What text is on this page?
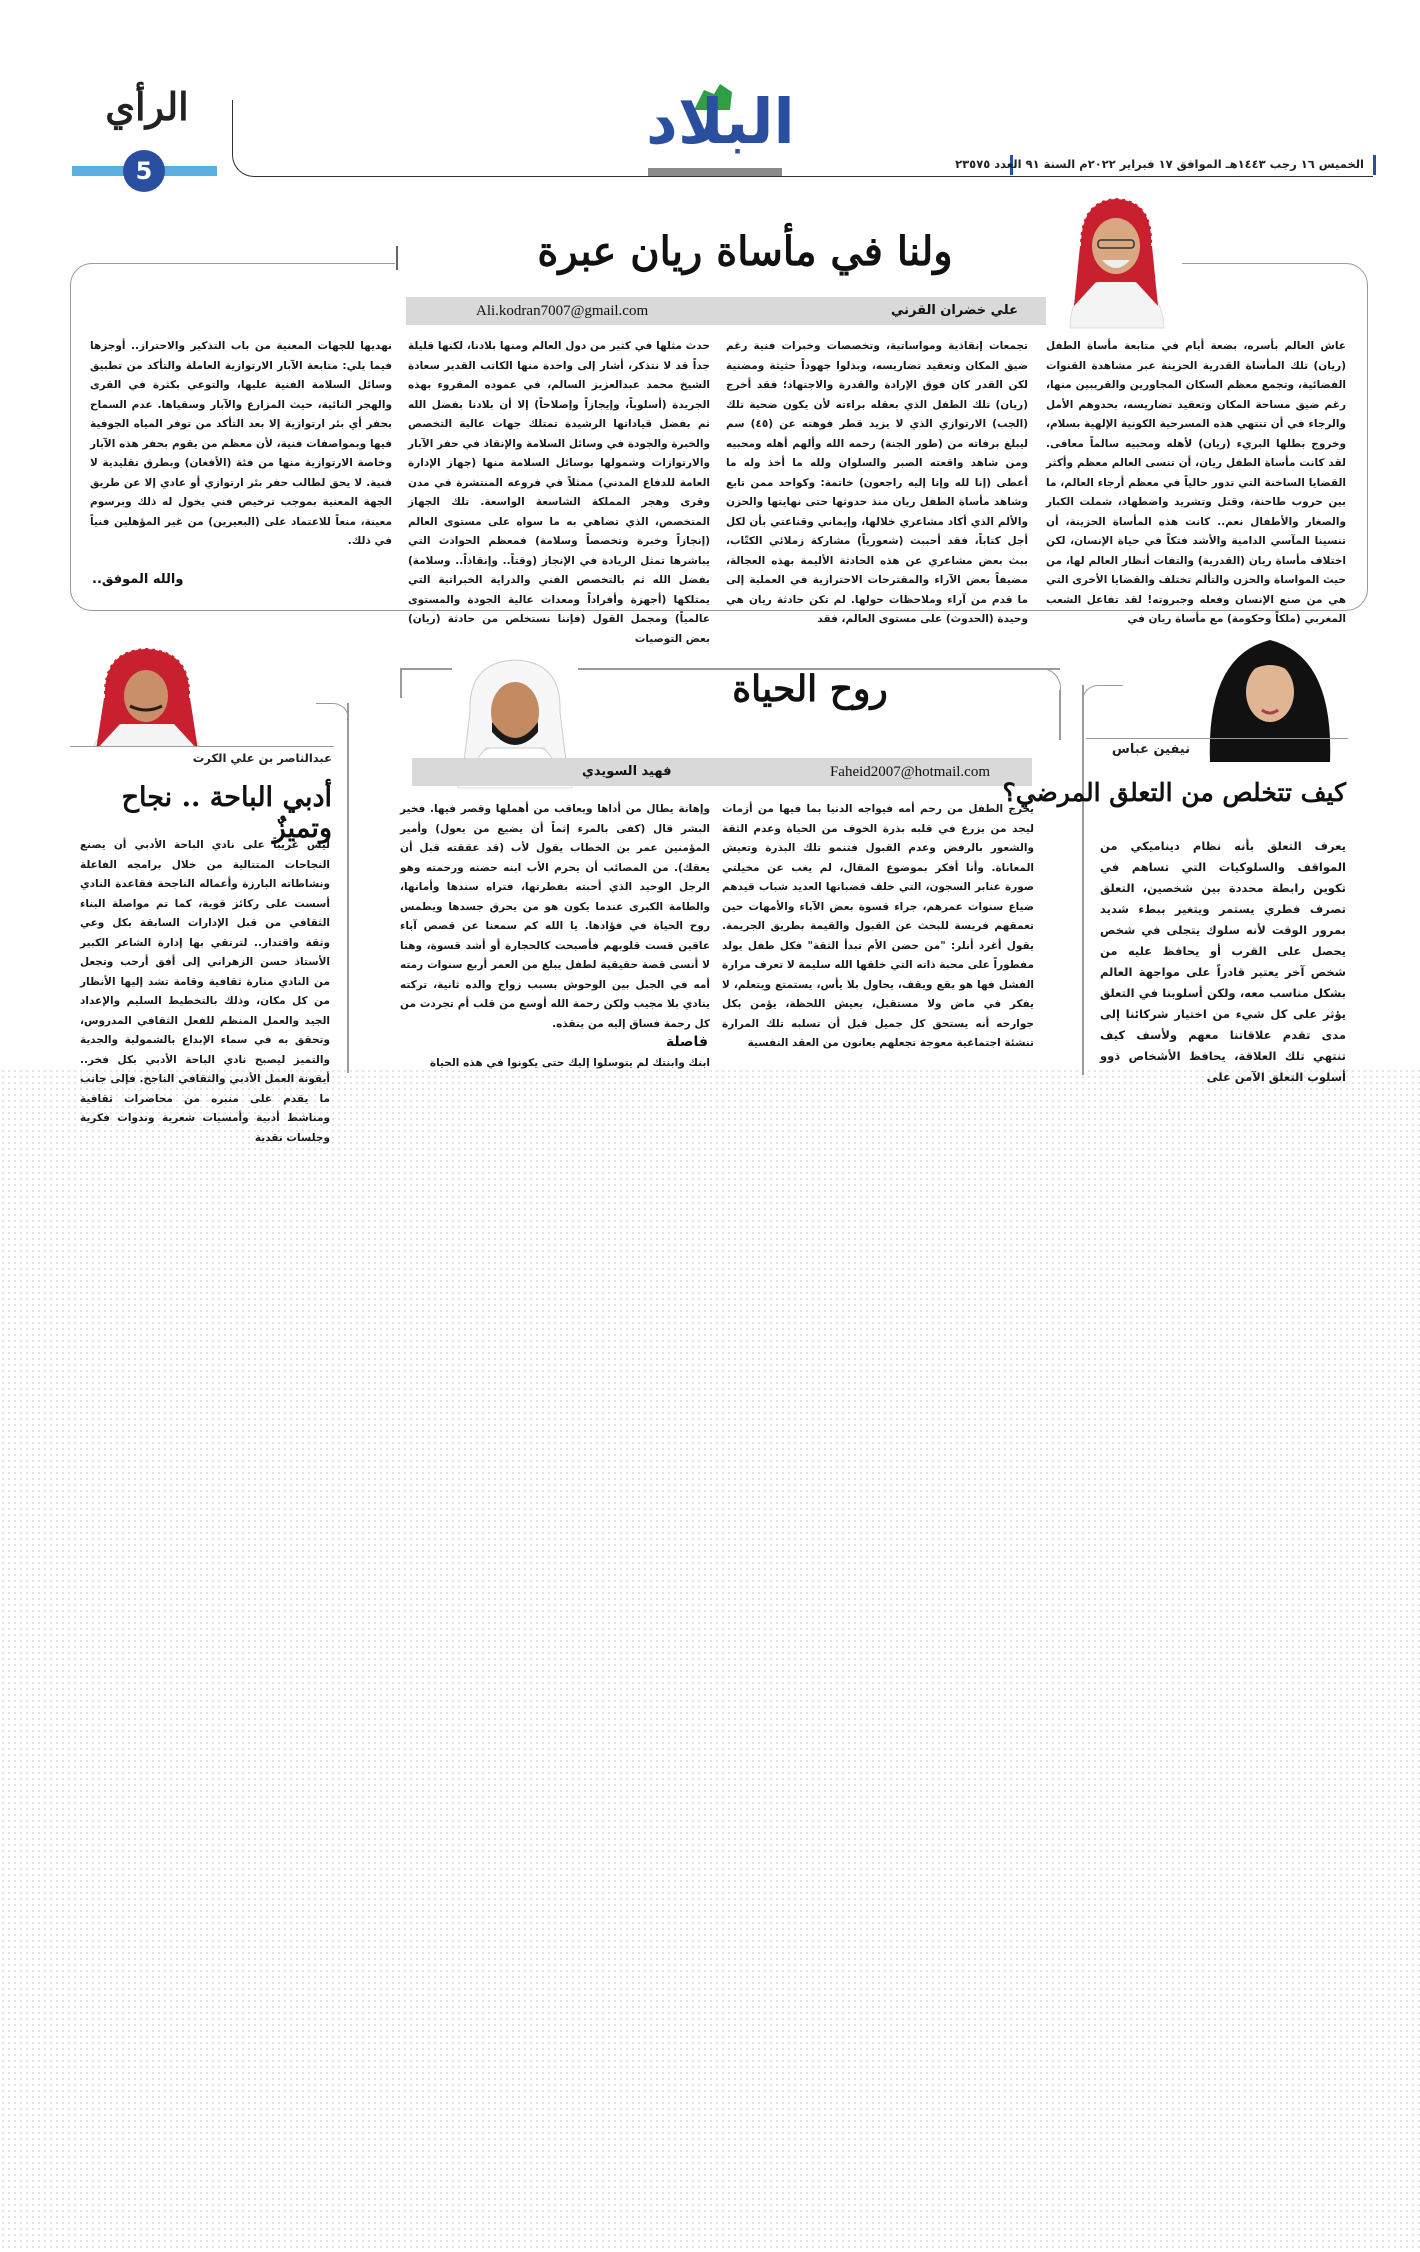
الرأي
5
البلاد
الخميس ١٦ رجب ١٤٤٣هـ الموافق ١٧ فبراير ٢٠٢٢م السنة ٩١ العدد ٢٣٥٧٥
ولنا في مأساة ريان عبرة
علي خضران القرني
Ali.kodran7007@gmail.com

عاش العالم بأسره، بضعة أيام في متابعة مأساة الطفل (ريان) تلك المأساة القدرية الحزينة عبر مشاهدة القنوات الفضائية، وتجمع معظم السكان المجاورين والقريبين منها، رغم ضيق مساحة المكان وتعقيد تضاريسه، بحدوهم الأمل والرجاء في أن تنتهي هذه المسرحية الكونية الإلهية بسلام، وخروج بطلها البريء (ريان) لأهله ومحبيه سالماً معافى. لقد كانت مأساة الطفل ريان، أن تنسى العالم معظم وأكثر القضايا الساخنة التي تدور حالياً في معظم أرجاء العالم، ما بين حروب طاحنة، وقتل وتشريد واضطهاد، شملت الكبار والصغار والأطفال نعم.. كانت هذه المأساة الحزينة، أن تنسينا المآسي الدامية والأشد فتكاً في حياة الإنسان، لكن اختلاف مأساة ريان (القدرية) والتفات أنظار العالم لها، من حيث المواساة والحزن والتألم تختلف والقضايا الأخرى التي هي من صنع الإنسان وفعله وجبروته! لقد تفاعل الشعب المغربي (ملكاً وحكومة) مع مأساة ريان في

تجمعات إنقاذية ومواساتية، وتخصصات وخبرات فنية رغم ضيق المكان وتعقيد تضاريسه، وبذلوا جهوداً حثيثة ومضنية لكن القدر كان فوق الإرادة والقدرة والاجتهاد؛ فقد أخرج (ريان) تلك الطفل الذي بعقله براءته لأن يكون ضحية تلك (الجب) الارتوازي الذي لا يزيد قطر فوهته عن (٤٥) سم ليبلغ برفاته من (طور الجنة) رحمه الله وألهم أهله ومحبيه ومن شاهد واقعته الصبر والسلوان ولله ما أخذ وله ما أعطى (إنا لله وإنا إليه راجعون) خاتمة: وكواحد ممن تابع وشاهد مأساة الطفل ريان منذ حدوثها حتى نهايتها والحزن والألم الذي أكاد مشاعري خلالها، وإيماني وقناعتي بأن لكل أجل كتاباً، فقد أحببت (شعورياً) مشاركة زملائي الكتّاب، ببث بعض مشاعري عن هذه الحادثة الأليمة بهذه العجالة، مضيفاً بعض الآراء والمقترحات الاحترازية في العملية إلى ما قدم من آراء وملاحظات حولها. لم تكن حادثة ريان هي وحيدة (الحدوث) على مستوى العالم، فقد

حدث مثلها في كثير من دول العالم ومنها بلادنا، لكنها قليلة جداً قد لا نتذكر، أشار إلى واحدة منها الكاتب القدير سعادة الشيخ محمد عبدالعزيز السالم، في عموده المقروء بهذه الجريدة (أسلوباً، وإيجازاً وإصلاحاً) إلا أن بلادنا بفضل الله ثم بفضل قياداتها الرشيدة تمتلك جهات عالية التخصص والخبرة والجودة في وسائل السلامة والإنقاذ في حفر الآبار والارتوازات وشمولها بوسائل السلامة منها (جهاز الإدارة العامة للدفاع المدني) ممثلاً في فروعه المنتشرة في مدن وقرى وهجر المملكة الشاسعة الواسعة. تلك الجهاز المتخصص، الذي تضاهي به ما سواه على مستوى العالم (إنجازاً وخبرة وتخصصاً وسلامة) فمعظم الحوادث التي يباشرها تمثل الريادة في الإنجاز (وقتاً.. وإنقاذاً.. وسلامة) بفضل الله ثم بالتخصص الفني والدراية الخبراتية التي يمتلكها (أجهزة وأفراداً ومعدات عالية الجودة والمستوى عالمياً) ومجمل القول (فإننا نستخلص من حادثة (ريان) بعض التوصيات

نهديها للجهات المعنية من باب التذكير والاحتراز.. أوجزها فيما يلي: متابعة الآبار الارتوازية العاملة والتأكد من تطبيق وسائل السلامة الفنية عليها، والتوعي بكثرة في القرى والهجر النائية، حيث المزارع والآبار وسقياها. عدم السماح بحفر أي بئر ارتوازية إلا بعد التأكد من توفر المياه الجوفية فيها وبمواصفات فنية، لأن معظم من يقوم بحفر هذه الآبار وخاصة الارتوازية منها من فئة (الأفغان) وبطرق تقليدية لا فنية. لا يحق لطالب حفر بئر ارتوازي أو عادي إلا عن طريق الجهة المعنية بموجب ترخيص فني يخول له ذلك وبرسوم معينة، منعاً للاعتماد على (البعيرين) من غير المؤهلين فنياً في ذلك.

والله الموفق..
عبدالناصر بن علي الكرت
أدبي الباحة .. نجاح وتميزٌ

ليس غريباً على نادي الباحة الأدبي أن يصنع النجاحات المتتالية من خلال برامجه الفاعلة ونشاطاته البارزة وأعماله الناجحة فقاعدة النادي أسست على ركائز قوية، كما تم مواصلة البناء الثقافي من قبل الإدارات السابقة بكل وعي وثقة واقتدار.. لترتقي بها إدارة الشاعر الكبير الأستاذ حسن الزهراني إلى أفق أرحب وتجعل من النادي منارة ثقافية وقامة تشد إليها الأنظار من كل مكان، وذلك بالتخطيط السليم والإعداد الجيد والعمل المنظم للفعل الثقافي المدروس، وتحقق به في سماء الإبداع بالشمولية والجدية والتميز ليصبح نادي الباحة الأدبي بكل فخر.. أيقونة العمل الأدبي والثقافي الناجح. فإلى جانب ما يقدم على منبره من محاضرات ثقافية ومناشط أدبية وأمسيات شعرية وندوات فكرية وجلسات نقدية

روح الحياة
Faheid2007@hotmail.com
فهيد السويدي

يخرج الطفل من رحم أمه فيواجه الدنيا بما فيها من أزمات ليجد من يزرع في قلبه بذرة الخوف من الحياة وعدم الثقة والشعور بالرفض وعدم القبول فتنمو تلك البذرة وتعيش المعاناة. وأنا أفكر بموضوع المقال، لم يغب عن مخيلتي صورة عنابر السجون، التي خلف قضبانها العديد شباب قيدهم ضياع سنوات عمرهم، جراء قسوة بعض الآباء والأمهات حين تعمقهم فريسة للبحث عن القبول والقيمة بطريق الجريمة. يقول أغرد أنلر: "من حضن الأم تبدأ الثقة" فكل طفل يولد مفطوراً على محبة ذاته التي خلقها الله سليمة لا تعرف مرارة الفشل فها هو يقع ويقف، يحاول بلا يأس، يستمتع ويتعلم، لا يفكر في ماض ولا مستقبل، يعيش اللحظة، يؤمن بكل جوارحه أنه يستحق كل جميل قبل أن تسلبه تلك المرارة تنشئة اجتماعية معوجة تجعلهم يعانون من العقد النفسية

وإهانة يطال من أداها ويعاقب من أهملها وقصر فيها. فخير البشر قال (كفى بالمرء إثماً أن يضيع من يعول) وأمير المؤمنين عمر بن الخطاب يقول لأب (قد عققته قبل أن يعقك). من المصائب أن يحرم الأب ابنه حضنه ورحمته وهو الرجل الوحيد الذي أحبته بفطرتها، فتراه سندها وأمانها، والطامة الكبرى عندما يكون هو من يحرق جسدها ويطمس روح الحياة في فؤادها. يا الله كم سمعنا عن قصص آباء عاقين قست قلوبهم فأصبحت كالحجارة أو أشد قسوة، وهنا لا أنسى قصة حقيقية لطفل يبلغ من العمر أربع سنوات رمته أمه في الجبل بين الوحوش بسبب زواج والده ثانية، تركته ينادي بلا مجيب ولكن رحمة الله أوسع من قلب أم تجردت من كل رحمة فساق إليه من ينقذه.

فاصلة

ابنك وابنتك لم يتوسلوا إليك حتى يكونوا في هذه الحياة

نيفين عباس
كيف تتخلص من التعلق المرضي؟

يعرف التعلق بأنه نظام ديناميكي من المواقف والسلوكيات التي تساهم في تكوين رابطة محددة بين شخصين، التعلق تصرف فطري يستمر ويتغير ببطء شديد بمرور الوقت لأنه سلوك يتجلى في شخص يحصل على القرب أو يحافظ عليه من شخص آخر يعتبر قادراً على مواجهة العالم بشكل مناسب معه، ولكن أسلوبنا في التعلق يؤثر على كل شيء من اختيار شركائنا إلى مدى تقدم علاقاتنا معهم ولأسف كيف تنتهي تلك العلاقة، يحافظ الأشخاص ذوو أسلوب التعلق الآمن على
